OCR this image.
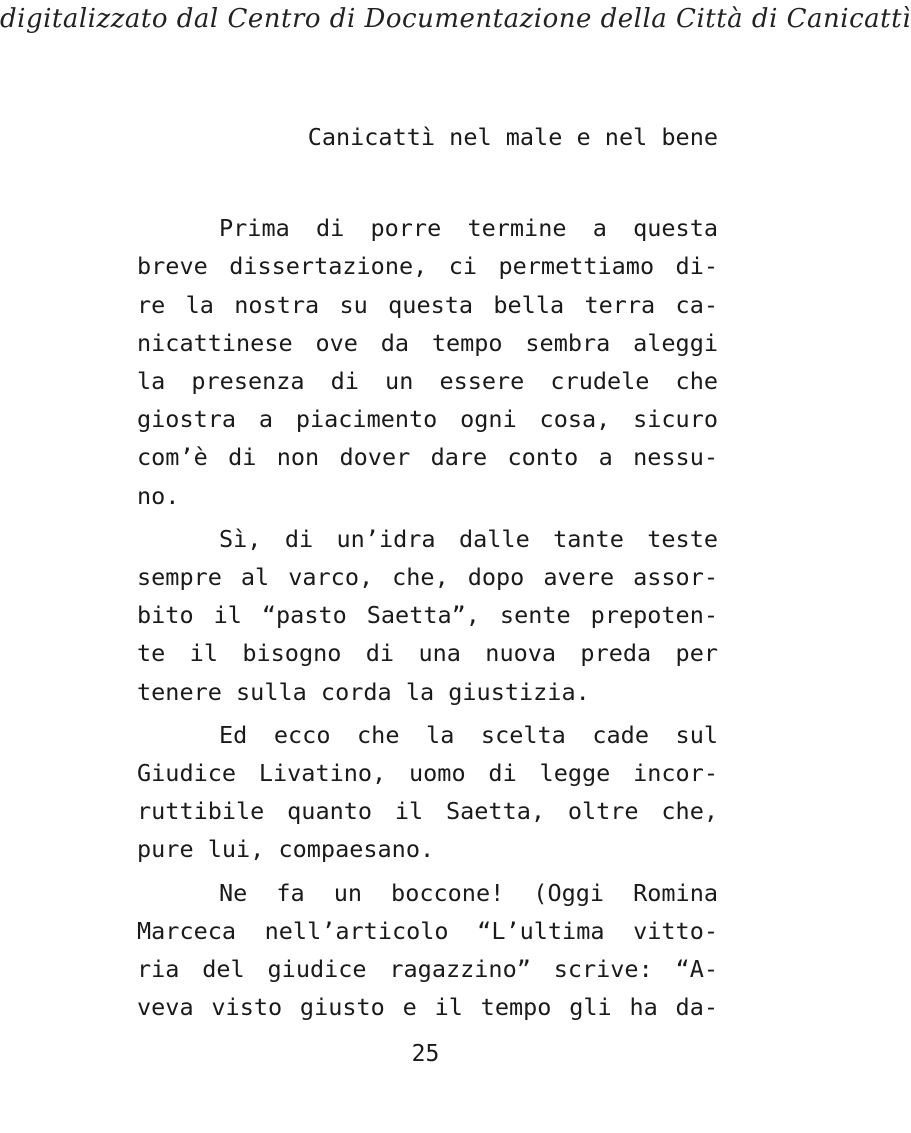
digitalizzato dal Centro di Documentazione della Città di Canicattì
Canicattì nel male e nel bene
Prima di porre termine a questa
breve dissertazione, ci permettiamo di-
re la nostra su questa bella terra ca-
nicattinese ove da tempo sembra aleggi
la presenza di un essere crudele che
giostra a piacimento ogni cosa, sicuro
com’è di non dover dare conto a nessu-
no.
Sì, di un’idra dalle tante teste
sempre al varco, che, dopo avere assor-
bito il “pasto Saetta”, sente prepoten-
te il bisogno di una nuova preda per
tenere sulla corda la giustizia.
Ed ecco che la scelta cade sul
Giudice Livatino, uomo di legge incor-
ruttibile quanto il Saetta, oltre che,
pure lui, compaesano.
Ne fa un boccone! (Oggi Romina
Marceca nell’articolo “L’ultima vitto-
ria del giudice ragazzino” scrive: “A-
veva visto giusto e il tempo gli ha da-
25
